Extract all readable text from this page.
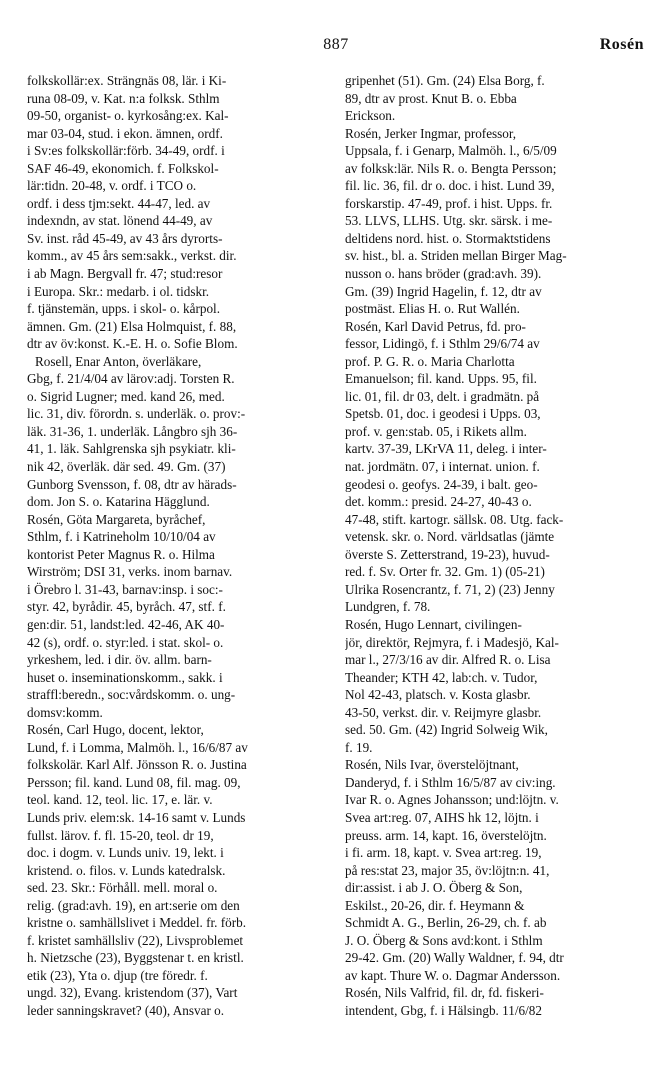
887	Rosén
folkskollär:ex. Strängnäs 08, lär. i Ki-
runa 08-09, v. Kat. n:a folksk. Sthlm
09-50, organist- o. kyrkosång:ex. Kal-
mar 03-04, stud. i ekon. ämnen, ordf.
i Sv:es folkskollär:förb. 34-49, ordf. i
SAF 46-49, ekonomich. f. Folkskol-
lär:tidn. 20-48, v. ordf. i TCO o.
ordf. i dess tjm:sekt. 44-47, led. av
indexndn, av stat. lönend 44-49, av
Sv. inst. råd 45-49, av 43 års dyrorts-
komm., av 45 års sem:sakk., verkst. dir.
i ab Magn. Bergvall fr. 47; stud:resor
i Europa. Skr.: medarb. i ol. tidskr.
f. tjänstemän, upps. i skol- o. kårpol.
ämnen. Gm. (21) Elsa Holmquist, f. 88,
dtr av öv:konst. K.-E. H. o. Sofie Blom.
Rosell, Enar Anton, överläkare,
Gbg, f. 21/4/04 av lärov:adj. Torsten R.
o. Sigrid Lugner; med. kand 26, med.
lic. 31, div. förordn. s. underläk. o. prov:-
läk. 31-36, 1. underläk. Långbro sjh 36-
41, 1. läk. Sahlgrenska sjh psykiatr. kli-
nik 42, överläk. där sed. 49. Gm. (37)
Gunborg Svensson, f. 08, dtr av härads-
dom. Jon S. o. Katarina Hägglund.
Rosén, Göta Margareta, byråchef,
Sthlm, f. i Katrineholm 10/10/04 av
kontorist Peter Magnus R. o. Hilma
Wirström; DSI 31, verks. inom barnav.
i Örebro l. 31-43, barnav:insp. i soc:-
styr. 42, byrådir. 45, byråch. 47, stf. f.
gen:dir. 51, landst:led. 42-46, AK 40-
42 (s), ordf. o. styr:led. i stat. skol- o.
yrkeshem, led. i dir. öv. allm. barn-
huset o. inseminationskomm., sakk. i
straffl:beredn., soc:vårdskomm. o. ung-
domsv:komm.
Rosén, Carl Hugo, docent, lektor,
Lund, f. i Lomma, Malmöh. l., 16/6/87 av
folkskolär. Karl Alf. Jönsson R. o. Justina
Persson; fil. kand. Lund 08, fil. mag. 09,
teol. kand. 12, teol. lic. 17, e. lär. v.
Lunds priv. elem:sk. 14-16 samt v. Lunds
fullst. lärov. f. fl. 15-20, teol. dr 19,
doc. i dogm. v. Lunds univ. 19, lekt. i
kristend. o. filos. v. Lunds katedralsk.
sed. 23. Skr.: Förhåll. mell. moral o.
relig. (grad:avh. 19), en art:serie om den
kristne o. samhällslivet i Meddel. fr. förb.
f. kristet samhällsliv (22), Livsproblemet
h. Nietzsche (23), Byggstenar t. en kristl.
etik (23), Yta o. djup (tre föredr. f.
ungd. 32), Evang. kristendom (37), Vart
leder sanningskravet? (40), Ansvar o.
gripenhet (51). Gm. (24) Elsa Borg, f.
89, dtr av prost. Knut B. o. Ebba
Erickson.
Rosén, Jerker Ingmar, professor,
Uppsala, f. i Genarp, Malmöh. l., 6/5/09
av folksk:lär. Nils R. o. Bengta Persson;
fil. lic. 36, fil. dr o. doc. i hist. Lund 39,
forskarstip. 47-49, prof. i hist. Upps. fr.
53. LLVS, LLHS. Utg. skr. särsk. i me-
deltidens nord. hist. o. Stormaktstidens
sv. hist., bl. a. Striden mellan Birger Mag-
nusson o. hans bröder (grad:avh. 39).
Gm. (39) Ingrid Hagelin, f. 12, dtr av
postmäst. Elias H. o. Rut Wallén.
Rosén, Karl David Petrus, fd. pro-
fessor, Lidingö, f. i Sthlm 29/6/74 av
prof. P. G. R. o. Maria Charlotta
Emanuelson; fil. kand. Upps. 95, fil.
lic. 01, fil. dr 03, delt. i gradmätn. på
Spetsb. 01, doc. i geodesi i Upps. 03,
prof. v. gen:stab. 05, i Rikets allm.
kartv. 37-39, LKrVA 11, deleg. i inter-
nat. jordmätn. 07, i internat. union. f.
geodesi o. geofys. 24-39, i balt. geo-
det. komm.: presid. 24-27, 40-43 o.
47-48, stift. kartogr. sällsk. 08. Utg. fack-
vetensk. skr. o. Nord. världsatlas (jämte
överste S. Zetterstrand, 19-23), huvud-
red. f. Sv. Orter fr. 32. Gm. 1) (05-21)
Ulrika Rosencrantz, f. 71, 2) (23) Jenny
Lundgren, f. 78.
Rosén, Hugo Lennart, civilingen-
jör, direktör, Rejmyra, f. i Madesjö, Kal-
mar l., 27/3/16 av dir. Alfred R. o. Lisa
Theander; KTH 42, lab:ch. v. Tudor,
Nol 42-43, platsch. v. Kosta glasbr.
43-50, verkst. dir. v. Reijmyre glasbr.
sed. 50. Gm. (42) Ingrid Solweig Wik,
f. 19.
Rosén, Nils Ivar, överstelöjtnant,
Danderyd, f. i Sthlm 16/5/87 av civ:ing.
Ivar R. o. Agnes Johansson; und:löjtn. v.
Svea art:reg. 07, AIHS hk 12, löjtn. i
preuss. arm. 14, kapt. 16, överstelöjtn.
i fi. arm. 18, kapt. v. Svea art:reg. 19,
på res:stat 23, major 35, öv:löjtn:n. 41,
dir:assist. i ab J. O. Öberg & Son,
Eskilst., 20-26, dir. f. Heymann &
Schmidt A. G., Berlin, 26-29, ch. f. ab
J. O. Öberg & Sons avd:kont. i Sthlm
29-42. Gm. (20) Wally Waldner, f. 94, dtr
av kapt. Thure W. o. Dagmar Andersson.
Rosén, Nils Valfrid, fil. dr, fd. fiskeri-
intendent, Gbg, f. i Hälsingb. 11/6/82
